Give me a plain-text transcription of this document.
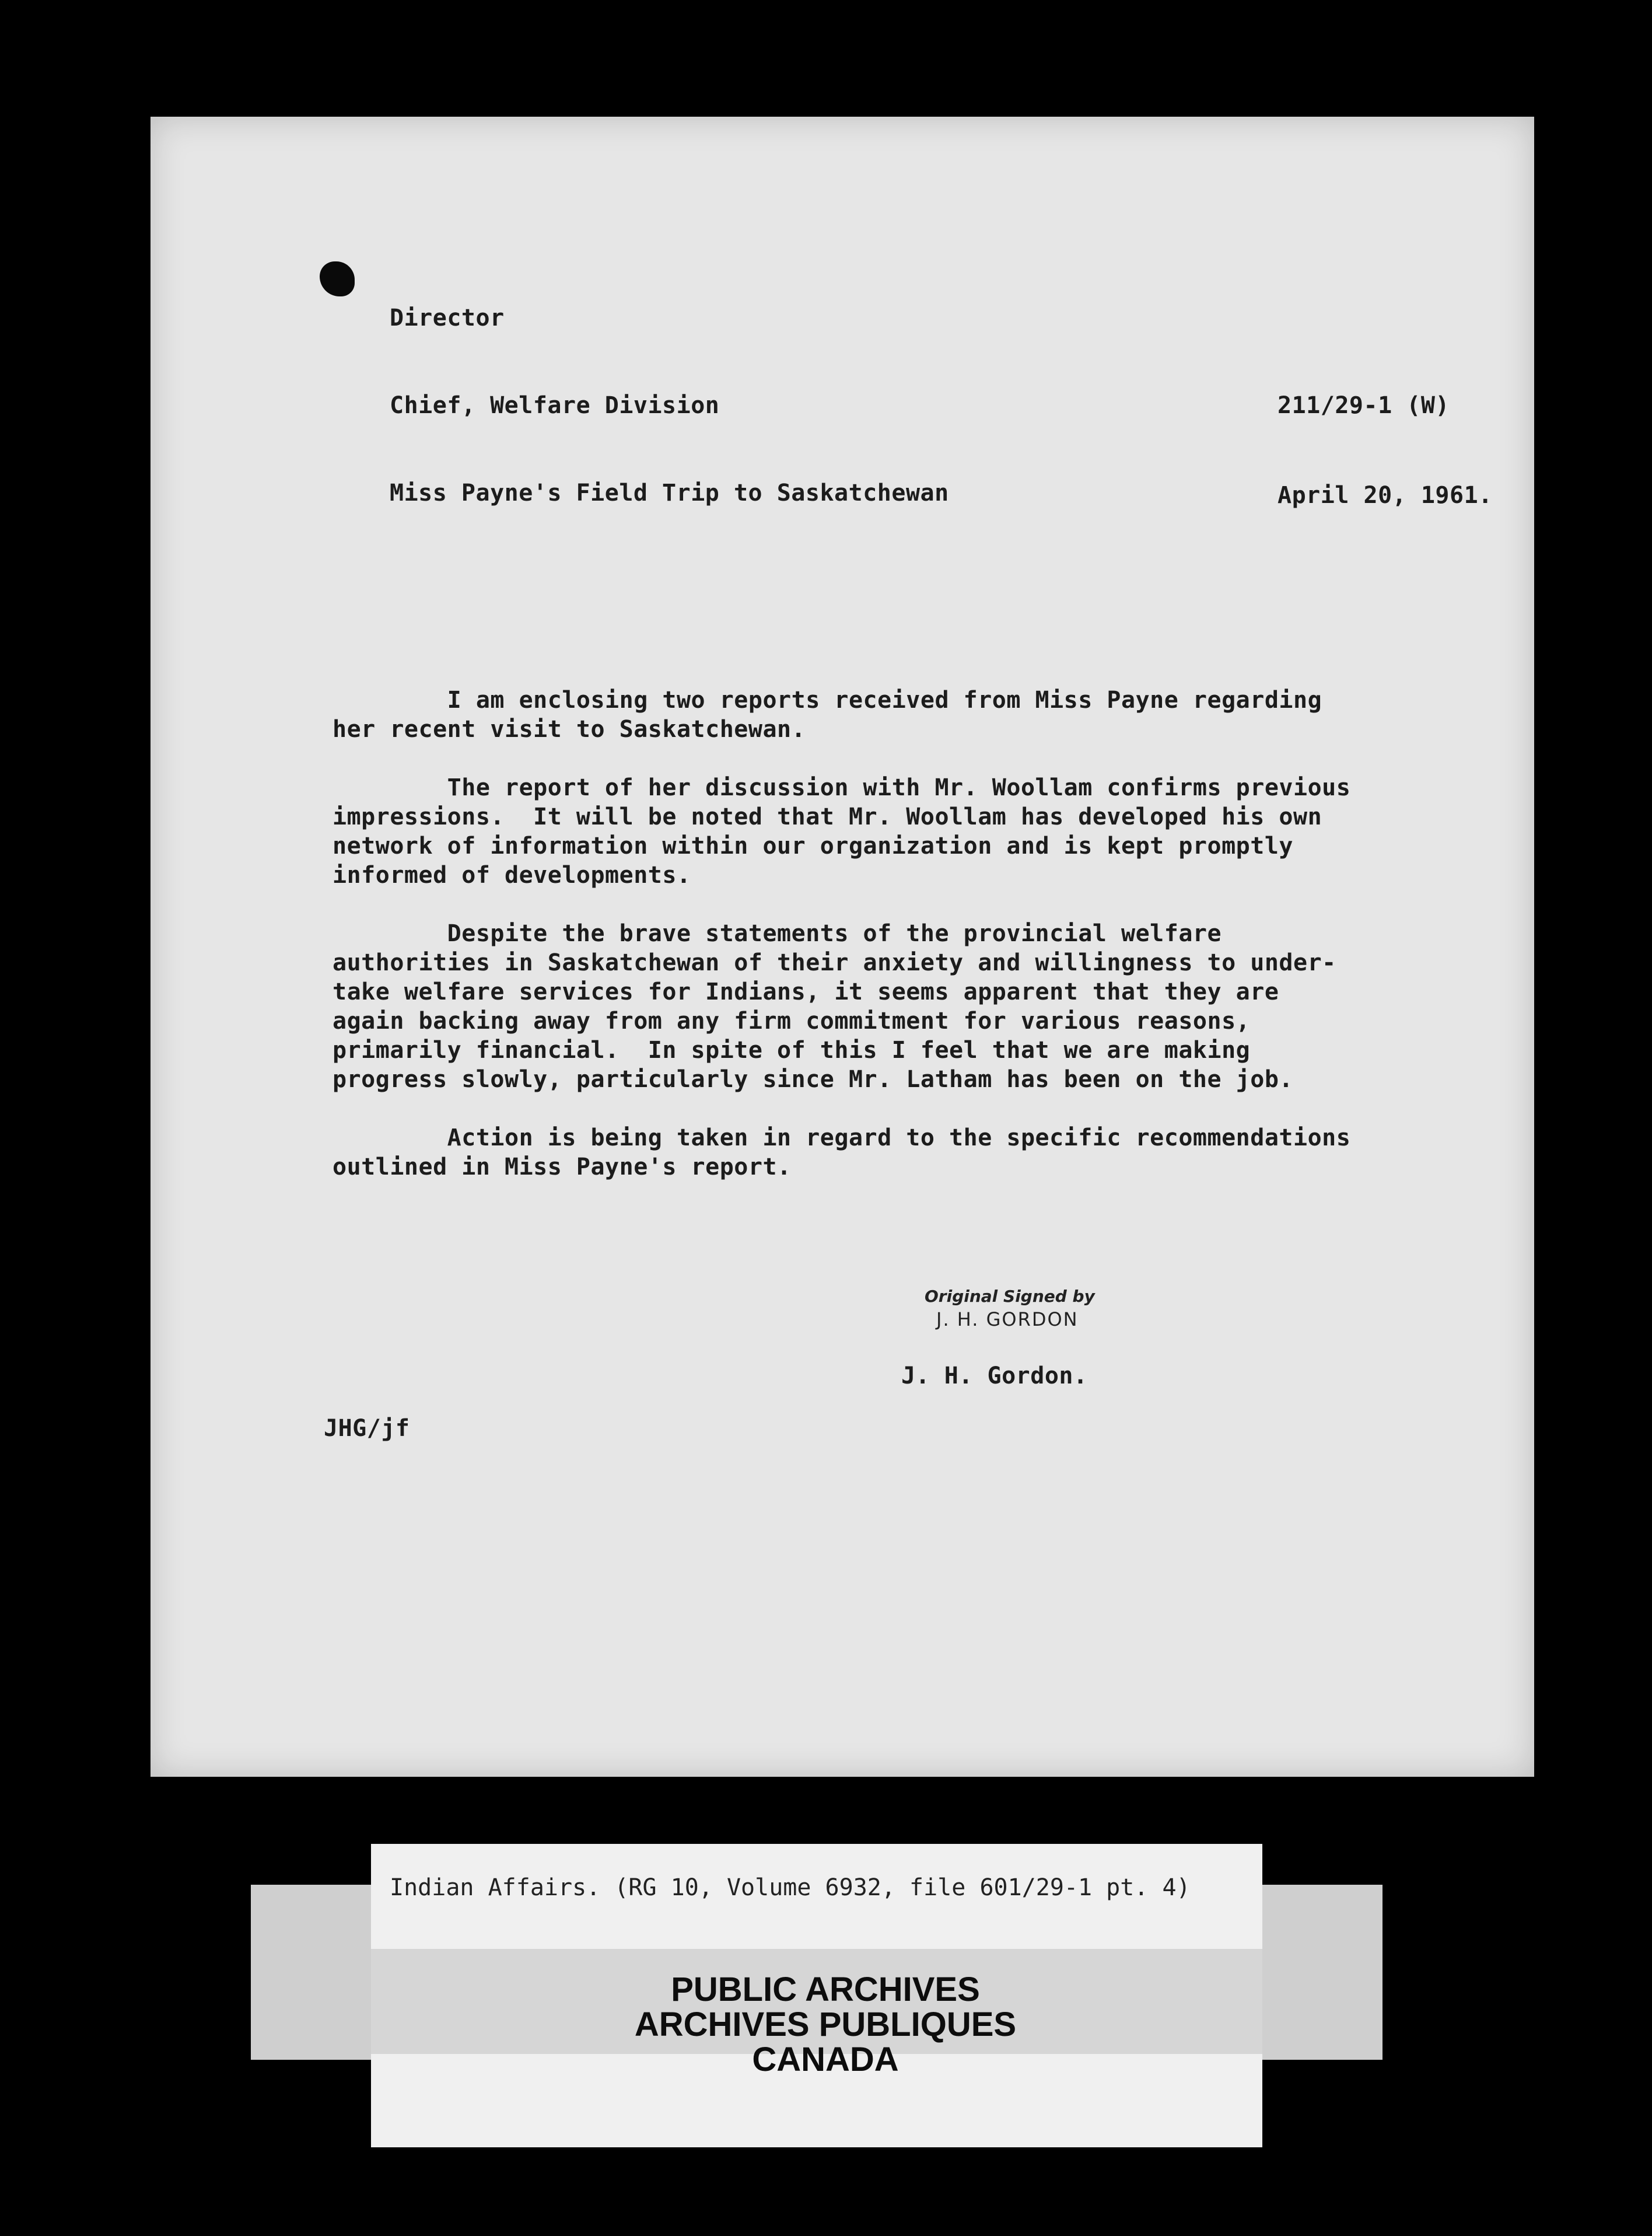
Director
Chief, Welfare Division	211/29-1 (W)
Miss Payne's Field Trip to Saskatchewan	April 20, 1961.
I am enclosing two reports received from Miss Payne regarding
her recent visit to Saskatchewan.
The report of her discussion with Mr. Woollam confirms previous
impressions.  It will be noted that Mr. Woollam has developed his own
network of information within our organization and is kept promptly
informed of developments.
Despite the brave statements of the provincial welfare
authorities in Saskatchewan of their anxiety and willingness to under-
take welfare services for Indians, it seems apparent that they are
again backing away from any firm commitment for various reasons,
primarily financial.  In spite of this I feel that we are making
progress slowly, particularly since Mr. Latham has been on the job.
Action is being taken in regard to the specific recommendations
outlined in Miss Payne's report.
Original Signed by
J. H. GORDON
J. H. Gordon.
JHG/jf
Indian Affairs. (RG 10, Volume 6932, file 601/29-1 pt. 4)
PUBLIC ARCHIVES
ARCHIVES PUBLIQUES
CANADA
